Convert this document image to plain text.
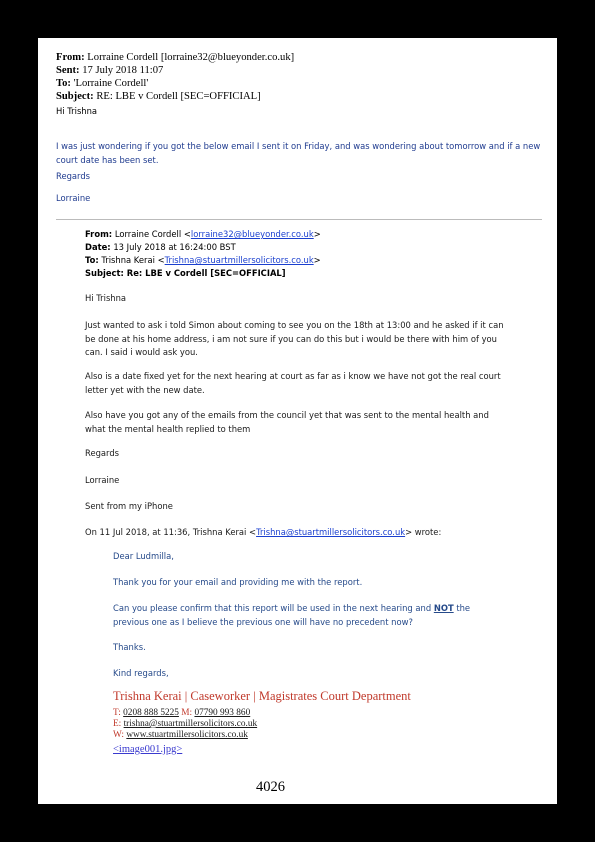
From: Lorraine Cordell [lorraine32@blueyonder.co.uk]
Sent: 17 July 2018 11:07
To: 'Lorraine Cordell'
Subject: RE: LBE v Cordell [SEC=OFFICIAL]
Hi Trishna
I was just wondering if you got the below email I sent it on Friday, and was wondering about tomorrow and if a new
court date has been set.
Regards
Lorraine
From: Lorraine Cordell <lorraine32@blueyonder.co.uk>
Date: 13 July 2018 at 16:24:00 BST
To: Trishna Kerai <Trishna@stuartmillersolicitors.co.uk>
Subject: Re: LBE v Cordell [SEC=OFFICIAL]
Hi Trishna
Just wanted to ask i told Simon about coming to see you on the 18th at 13:00 and he asked if it can
be done at his home address, i am not sure if you can do this but i would be there with him of you
can. I said i would ask you.
Also is a date fixed yet for the next hearing at court as far as i know we have not got the real court
letter yet with the new date.
Also have you got any of the emails from the council yet that was sent to the mental health and
what the mental health replied to them
Regards
Lorraine
Sent from my iPhone
On 11 Jul 2018, at 11:36, Trishna Kerai <Trishna@stuartmillersolicitors.co.uk> wrote:
Dear Ludmilla,
Thank you for your email and providing me with the report.
Can you please confirm that this report will be used in the next hearing and NOT the
previous one as I believe the previous one will have no precedent now?
Thanks.
Kind regards,
Trishna Kerai | Caseworker | Magistrates Court Department
T: 0208 888 5225 M: 07790 993 860
E: trishna@stuartmillersolicitors.co.uk
W: www.stuartmillersolicitors.co.uk
<image001.jpg>
4026
